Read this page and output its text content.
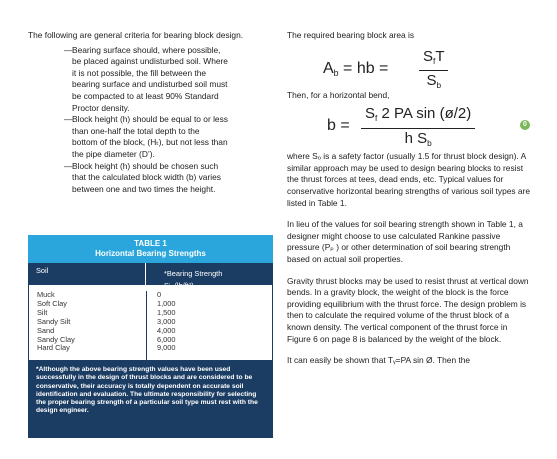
The following are general criteria for bearing block design.

— Bearing surface should, where possible,
be placed against undisturbed soil. Where
it is not possible, the fill between the
bearing surface and undisturbed soil must
be compacted to at least 90% Standard
Proctor density.
— Block height (h) should be equal to or less
than one-half the total depth to the
bottom of the block, (Hₜ), but not less than
the pipe diameter (D’).
— Block height (h) should be chosen such
that the calculated block width (b) varies
between one and two times the height.
TABLE 1
Horizontal Bearing Strengths
Soil	*Bearing Strength
S♭ (lb/ft²)
Muck
Soft Clay
Silt
Sandy Silt
Sand
Sandy Clay
Hard Clay
0
1,000
1,500
3,000
4,000
6,000
9,000
*Although the above bearing strength values have been used successfully in the design of thrust blocks and are considered to be conservative, their accuracy is totally dependent on accurate soil identification and evaluation. The ultimate responsibility for selecting the proper bearing strength of a particular soil type must rest with the design engineer.

The required bearing block area is

$A_b$ = hb =
$S_fT$
$S_b$

Then, for a horizontal bend,

$b = \frac{S_f 2 PA \sin (ø/2)}{h S_b}$

where Sₒ is a safety factor (usually 1.5 for thrust block design). A similar approach may be used to design bearing blocks to resist the thrust forces at tees, dead ends, etc. Typical values for conservative horizontal bearing strengths of various soil types are listed in Table 1.

In lieu of the values for soil bearing strength shown in Table 1, a designer might choose to use calculated Rankine passive pressure (Pₚ ) or other determination of soil bearing strength based on actual soil properties.

Gravity thrust blocks may be used to resist thrust at vertical down bends. In a gravity block, the weight of the block is the force providing equilibrium with the thrust force. The design problem is then to calculate the required volume of the thrust block of a known density. The vertical component of the thrust force in Figure 6 on page 8 is balanced by the weight of the block.

It can easily be shown that Tᵧ=PA sin Ø. Then the

0
